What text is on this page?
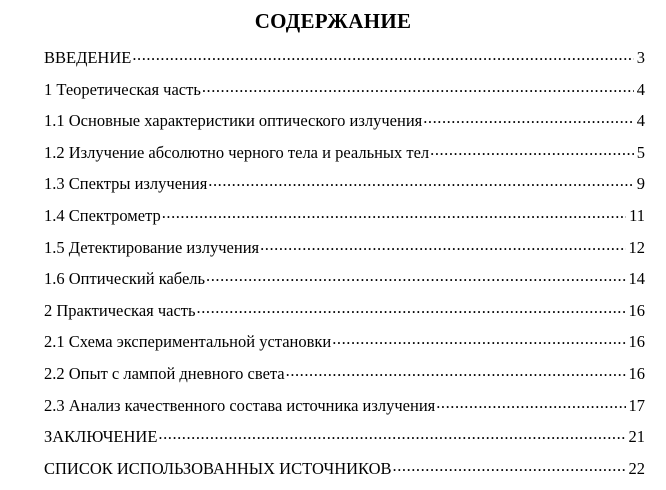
СОДЕРЖАНИЕ
ВВЕДЕНИЕ .....	3
1 Теоретическая часть .....	4
1.1 Основные характеристики оптического излучения .....	4
1.2 Излучение абсолютно черного тела и реальных тел .....	5
1.3 Спектры излучения .....	9
1.4 Спектрометр .....	11
1.5 Детектирование излучения .....	12
1.6 Оптический кабель .....	14
2 Практическая часть .....	16
2.1 Схема экспериментальной установки .....	16
2.2 Опыт с лампой дневного света .....	16
2.3 Анализ качественного состава источника излучения .....	17
ЗАКЛЮЧЕНИЕ .....	21
СПИСОК ИСПОЛЬЗОВАННЫХ ИСТОЧНИКОВ .....	22
